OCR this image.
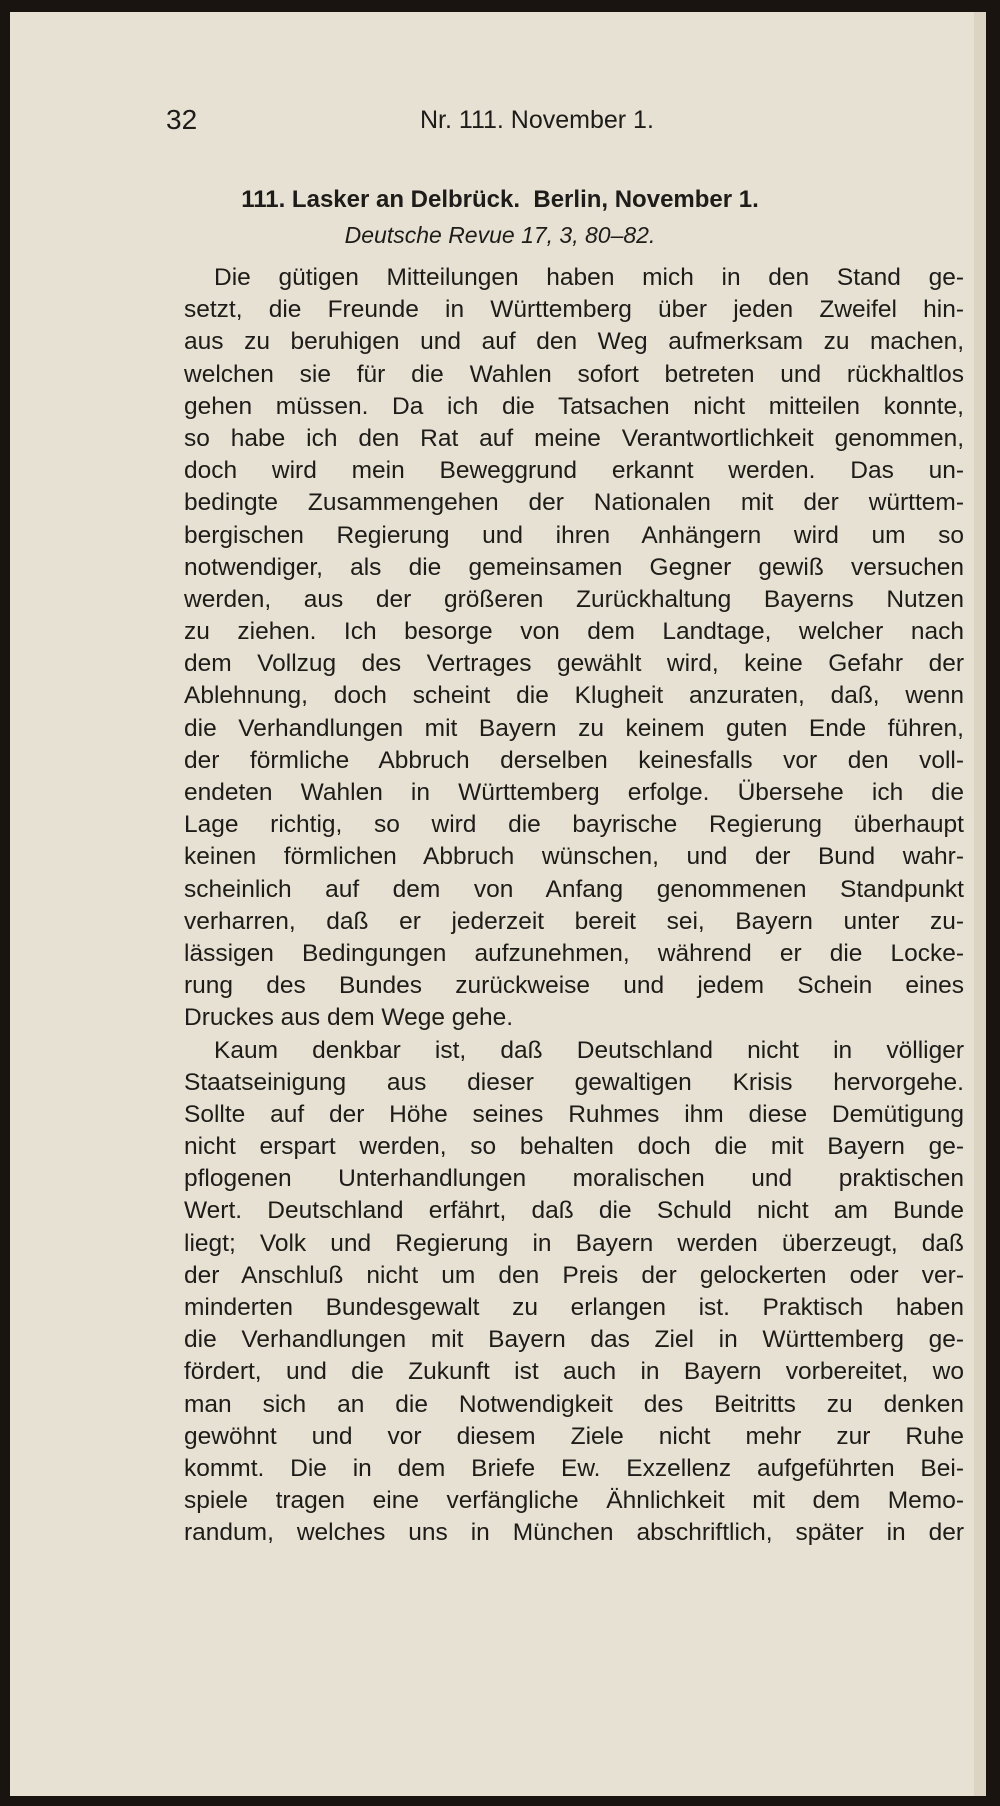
32	Nr. 111. November 1.
111. Lasker an Delbrück.  Berlin, November 1.
Deutsche Revue 17, 3, 80–82.
Die gütigen Mitteilungen haben mich in den Stand ge-
setzt, die Freunde in Württemberg über jeden Zweifel hin-
aus zu beruhigen und auf den Weg aufmerksam zu machen,
welchen sie für die Wahlen sofort betreten und rückhaltlos
gehen müssen. Da ich die Tatsachen nicht mitteilen konnte,
so habe ich den Rat auf meine Verantwortlichkeit genommen,
doch wird mein Beweggrund erkannt werden. Das un-
bedingte Zusammengehen der Nationalen mit der württem-
bergischen Regierung und ihren Anhängern wird um so
notwendiger, als die gemeinsamen Gegner gewiß versuchen
werden, aus der größeren Zurückhaltung Bayerns Nutzen
zu ziehen. Ich besorge von dem Landtage, welcher nach
dem Vollzug des Vertrages gewählt wird, keine Gefahr der
Ablehnung, doch scheint die Klugheit anzuraten, daß, wenn
die Verhandlungen mit Bayern zu keinem guten Ende führen,
der förmliche Abbruch derselben keinesfalls vor den voll-
endeten Wahlen in Württemberg erfolge. Übersehe ich die
Lage richtig, so wird die bayrische Regierung überhaupt
keinen förmlichen Abbruch wünschen, und der Bund wahr-
scheinlich auf dem von Anfang genommenen Standpunkt
verharren, daß er jederzeit bereit sei, Bayern unter zu-
lässigen Bedingungen aufzunehmen, während er die Locke-
rung des Bundes zurückweise und jedem Schein eines
Druckes aus dem Wege gehe.
Kaum denkbar ist, daß Deutschland nicht in völliger
Staatseinigung aus dieser gewaltigen Krisis hervorgehe.
Sollte auf der Höhe seines Ruhmes ihm diese Demütigung
nicht erspart werden, so behalten doch die mit Bayern ge-
pflogenen Unterhandlungen moralischen und praktischen
Wert. Deutschland erfährt, daß die Schuld nicht am Bunde
liegt; Volk und Regierung in Bayern werden überzeugt, daß
der Anschluß nicht um den Preis der gelockerten oder ver-
minderten Bundesgewalt zu erlangen ist. Praktisch haben
die Verhandlungen mit Bayern das Ziel in Württemberg ge-
fördert, und die Zukunft ist auch in Bayern vorbereitet, wo
man sich an die Notwendigkeit des Beitritts zu denken
gewöhnt und vor diesem Ziele nicht mehr zur Ruhe
kommt. Die in dem Briefe Ew. Exzellenz aufgeführten Bei-
spiele tragen eine verfängliche Ähnlichkeit mit dem Memo-
randum, welches uns in München abschriftlich, später in der
